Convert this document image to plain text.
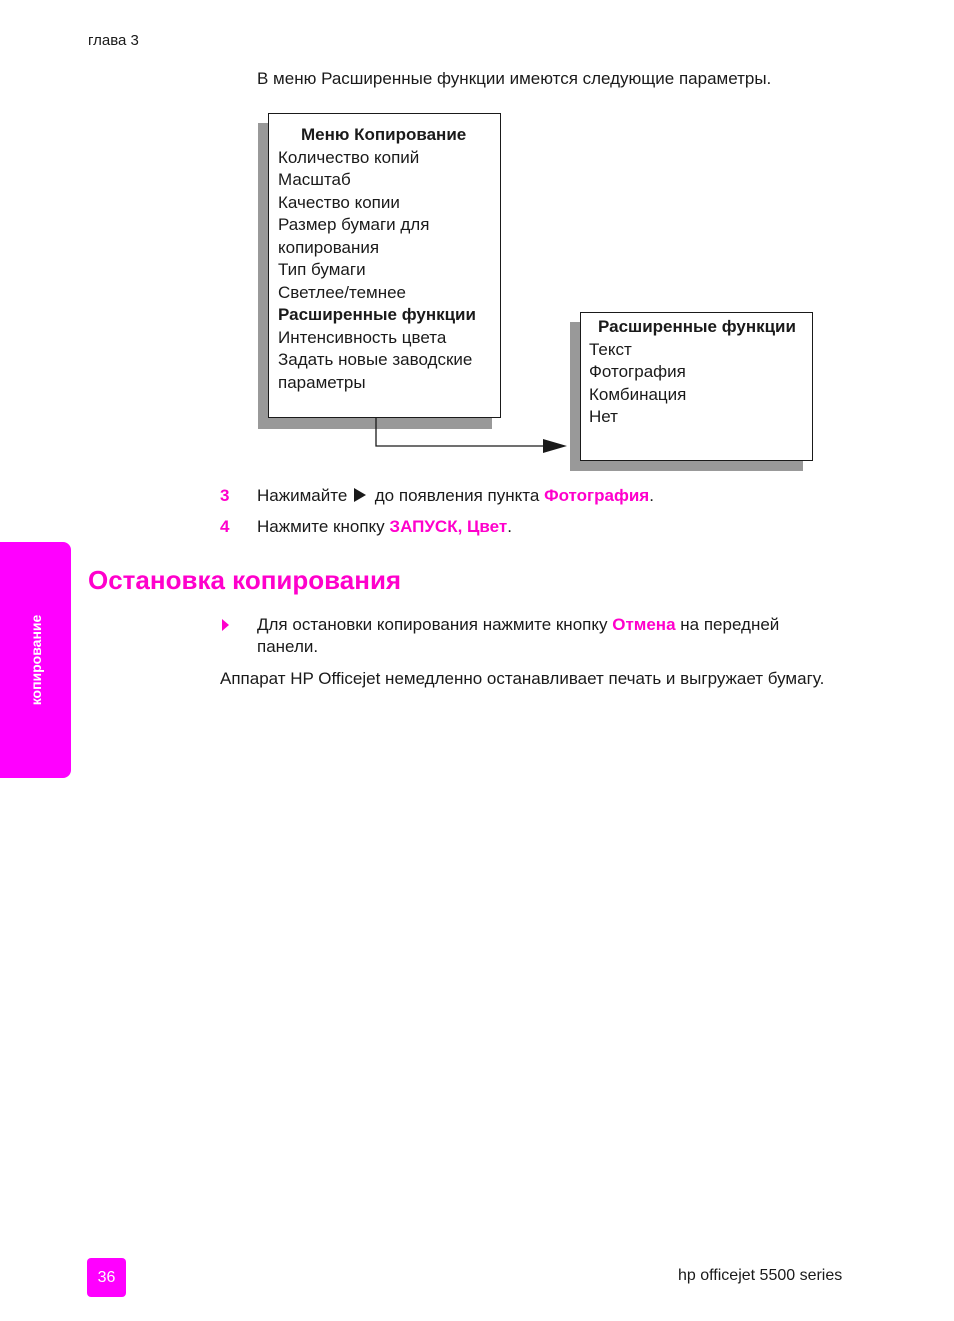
глава 3
В меню Расширенные функции имеются следующие параметры.
Меню Копирование
Количество копий
Масштаб
Качество копии
Размер бумаги для
копирования
Тип бумаги
Светлее/темнее
Расширенные функции
Интенсивность цвета
Задать новые заводские
параметры
Расширенные функции
Текст
Фотография
Комбинация
Нет
3 Нажимайте до появления пункта Фотография.
4 Нажмите кнопку ЗАПУСК, Цвет.
Остановка копирования
Для остановки копирования нажмите кнопку Отмена на передней
панели.
Аппарат HP Officejet немедленно останавливает печать и выгружает бумагу.
копирование
36	hp officejet 5500 series
